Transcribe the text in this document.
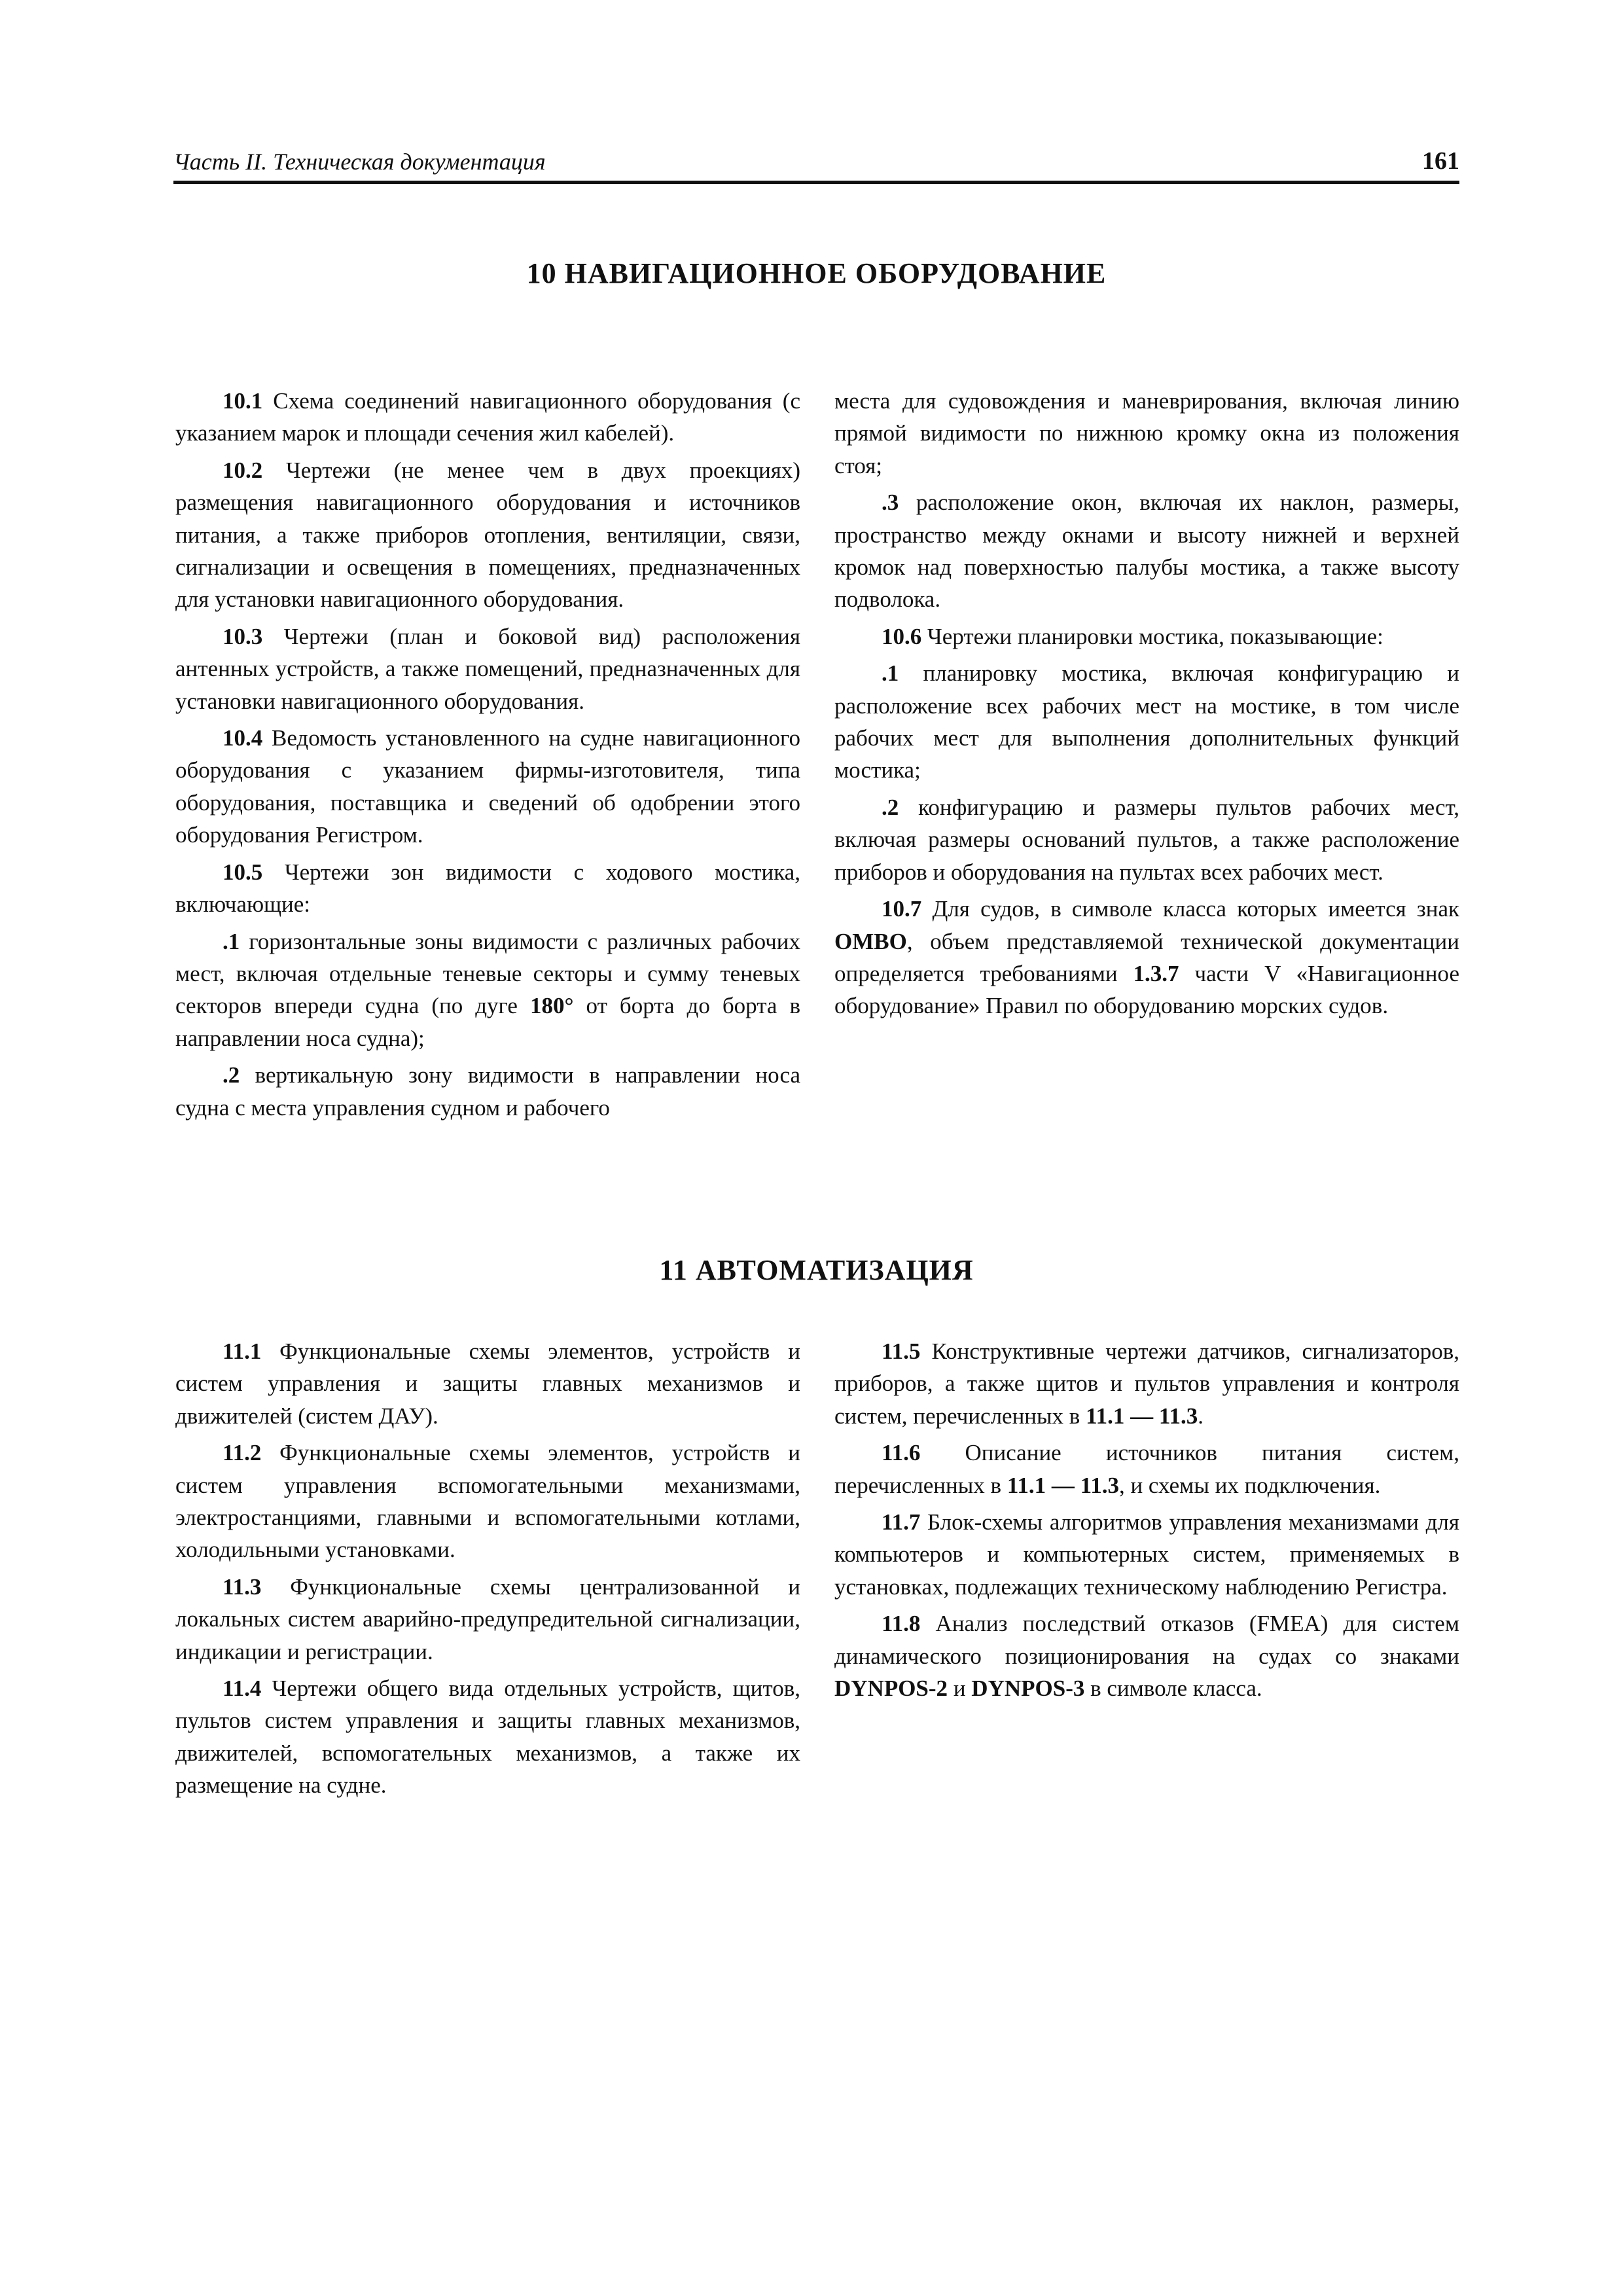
Часть II. Техническая документация	161
10 НАВИГАЦИОННОЕ ОБОРУДОВАНИЕ

10.1 Схема соединений навигационного оборудования (с указанием марок и площади сечения жил кабелей).

10.2 Чертежи (не менее чем в двух проекциях) размещения навигационного оборудования и источников питания, а также приборов отопления, вентиляции, связи, сигнализации и освещения в помещениях, предназначенных для установки навигационного оборудования.

10.3 Чертежи (план и боковой вид) расположения антенных устройств, а также помещений, предназначенных для установки навигационного оборудования.

10.4 Ведомость установленного на судне навигационного оборудования с указанием фирмы-изготовителя, типа оборудования, поставщика и сведений об одобрении этого оборудования Регистром.

10.5 Чертежи зон видимости с ходового мостика, включающие:

.1 горизонтальные зоны видимости с различных рабочих мест, включая отдельные теневые секторы и сумму теневых секторов впереди судна (по дуге 180° от борта до борта в направлении носа судна);

.2 вертикальную зону видимости в направлении носа судна с места управления судном и рабочего

места для судовождения и маневрирования, включая линию прямой видимости по нижнюю кромку окна из положения стоя;

.3 расположение окон, включая их наклон, размеры, пространство между окнами и высоту нижней и верхней кромок над поверхностью палубы мостика, а также высоту подволока.

10.6 Чертежи планировки мостика, показывающие:

.1 планировку мостика, включая конфигурацию и расположение всех рабочих мест на мостике, в том числе рабочих мест для выполнения дополнительных функций мостика;

.2 конфигурацию и размеры пультов рабочих мест, включая размеры оснований пультов, а также расположение приборов и оборудования на пультах всех рабочих мест.

10.7 Для судов, в символе класса которых имеется знак OMBO, объем представляемой технической документации определяется требованиями 1.3.7 части V «Навигационное оборудование» Правил по оборудованию морских судов.

11 АВТОМАТИЗАЦИЯ

11.1 Функциональные схемы элементов, устройств и систем управления и защиты главных механизмов и движителей (систем ДАУ).

11.2 Функциональные схемы элементов, устройств и систем управления вспомогательными механизмами, электростанциями, главными и вспомогательными котлами, холодильными установками.

11.3 Функциональные схемы централизованной и локальных систем аварийно-предупредительной сигнализации, индикации и регистрации.

11.4 Чертежи общего вида отдельных устройств, щитов, пультов систем управления и защиты главных механизмов, движителей, вспомогательных механизмов, а также их размещение на судне.

11.5 Конструктивные чертежи датчиков, сигнализаторов, приборов, а также щитов и пультов управления и контроля систем, перечисленных в 11.1 — 11.3.

11.6 Описание источников питания систем, перечисленных в 11.1 — 11.3, и схемы их подключения.

11.7 Блок-схемы алгоритмов управления механизмами для компьютеров и компьютерных систем, применяемых в установках, подлежащих техническому наблюдению Регистра.

11.8 Анализ последствий отказов (FMEA) для систем динамического позиционирования на судах со знаками DYNPOS-2 и DYNPOS-3 в символе класса.
